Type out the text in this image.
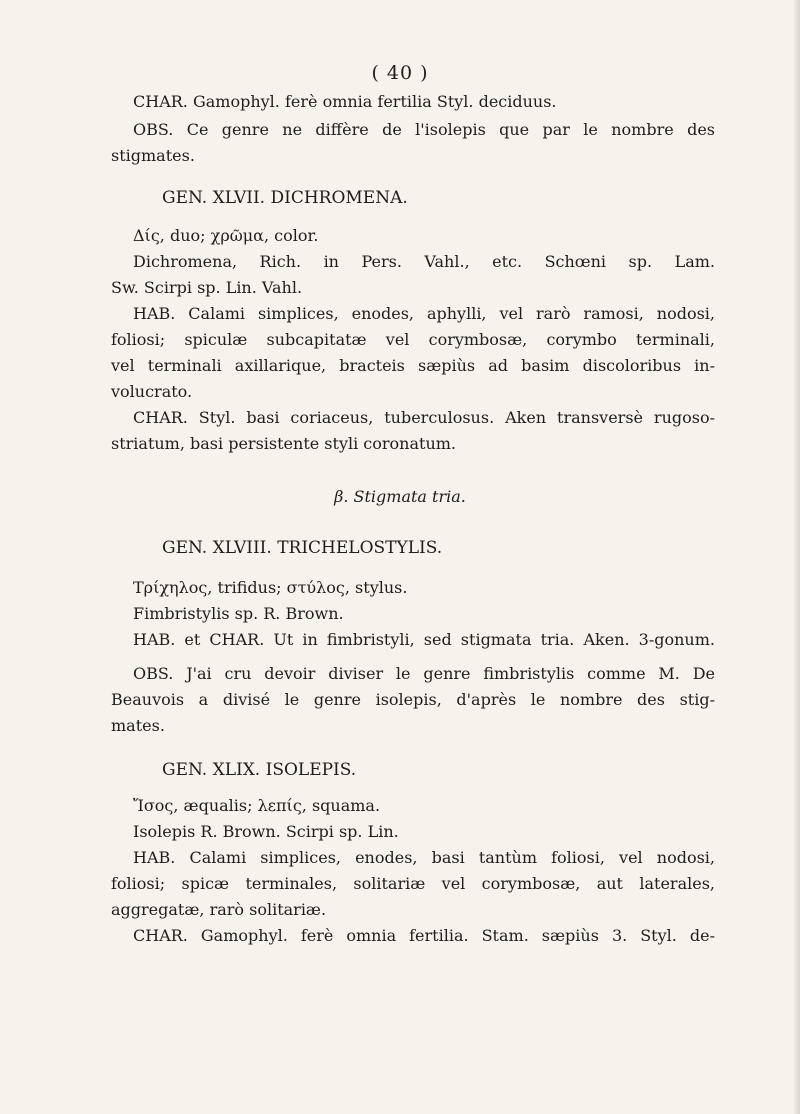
( 40 )
CHAR. Gamophyl. ferè omnia fertilia Styl. deciduus.
OBS. Ce genre ne diffère de l'isolepis que par le nombre des
stigmates.
GEN. XLVII. DICHROMENA.
Δίς, duo; χρῶμα, color.
Dichromena, Rich. in Pers. Vahl., etc. Schœni sp. Lam.
Sw. Scirpi sp. Lin. Vahl.
HAB. Calami simplices, enodes, aphylli, vel rarò ramosi, nodosi,
foliosi; spiculæ subcapitatæ vel corymbosæ, corymbo terminali,
vel terminali axillarique, bracteis sæpiùs ad basim discoloribus in-
volucrato.
CHAR. Styl. basi coriaceus, tuberculosus. Aken transversè rugoso-
striatum, basi persistente styli coronatum.
β. Stigmata tria.
GEN. XLVIII. TRICHELOSTYLIS.
Τρίχηλος, trifidus; στύλος, stylus.
Fimbristylis sp. R. Brown.
HAB. et CHAR. Ut in fimbristyli, sed stigmata tria. Aken. 3-gonum.
OBS. J'ai cru devoir diviser le genre fimbristylis comme M. De
Beauvois a divisé le genre isolepis, d'après le nombre des stig-
mates.
GEN. XLIX. ISOLEPIS.
Ἴσος, æqualis; λεπίς, squama.
Isolepis R. Brown. Scirpi sp. Lin.
HAB. Calami simplices, enodes, basi tantùm foliosi, vel nodosi,
foliosi; spicæ terminales, solitariæ vel corymbosæ, aut laterales,
aggregatæ, rarò solitariæ.
CHAR. Gamophyl. ferè omnia fertilia. Stam. sæpiùs 3. Styl. de-
